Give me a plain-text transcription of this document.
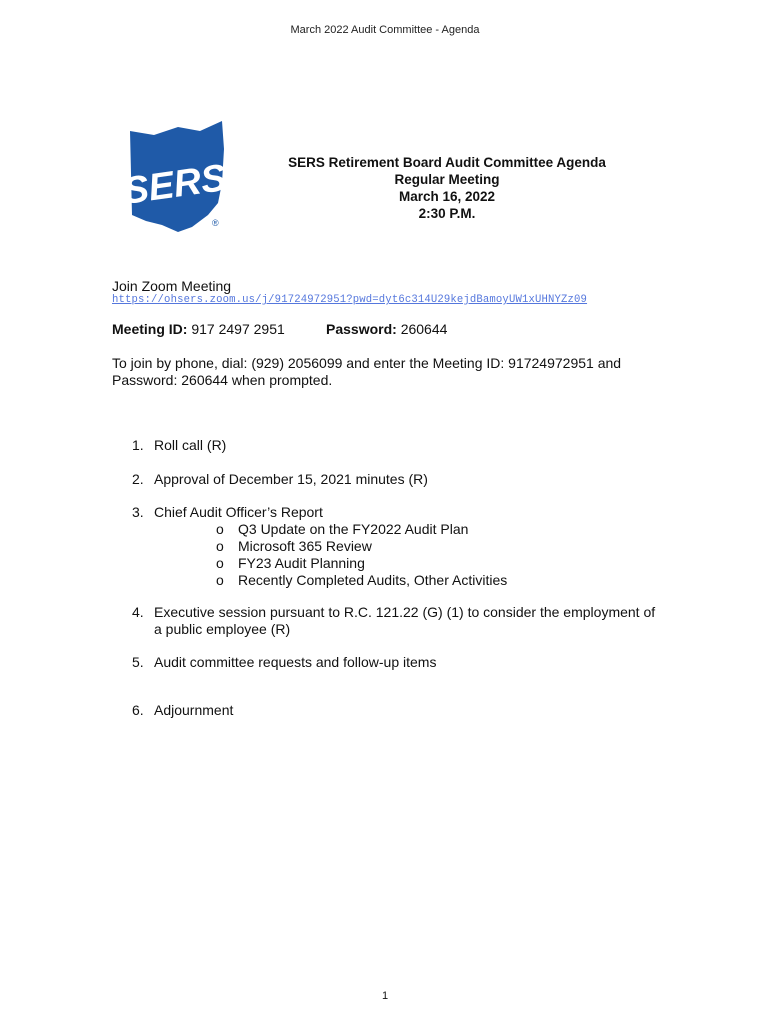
March 2022 Audit Committee - Agenda
SERS
®
SERS Retirement Board Audit Committee Agenda
Regular Meeting
March 16, 2022
2:30 P.M.
Join Zoom Meeting
https://ohsers.zoom.us/j/91724972951?pwd=dyt6c314U29kejdBamoyUW1xUHNYZz09
Meeting ID: 917 2497 2951	Password: 260644
To join by phone, dial: (929) 2056099 and enter the Meeting ID: 91724972951 and
Password: 260644 when prompted.
1. Roll call (R)
2. Approval of December 15, 2021 minutes (R)
3. Chief Audit Officer’s Report
o Q3 Update on the FY2022 Audit Plan
o Microsoft 365 Review
o FY23 Audit Planning
o Recently Completed Audits, Other Activities
4. Executive session pursuant to R.C. 121.22 (G) (1) to consider the employment of
a public employee (R)
5. Audit committee requests and follow-up items
6. Adjournment
1
